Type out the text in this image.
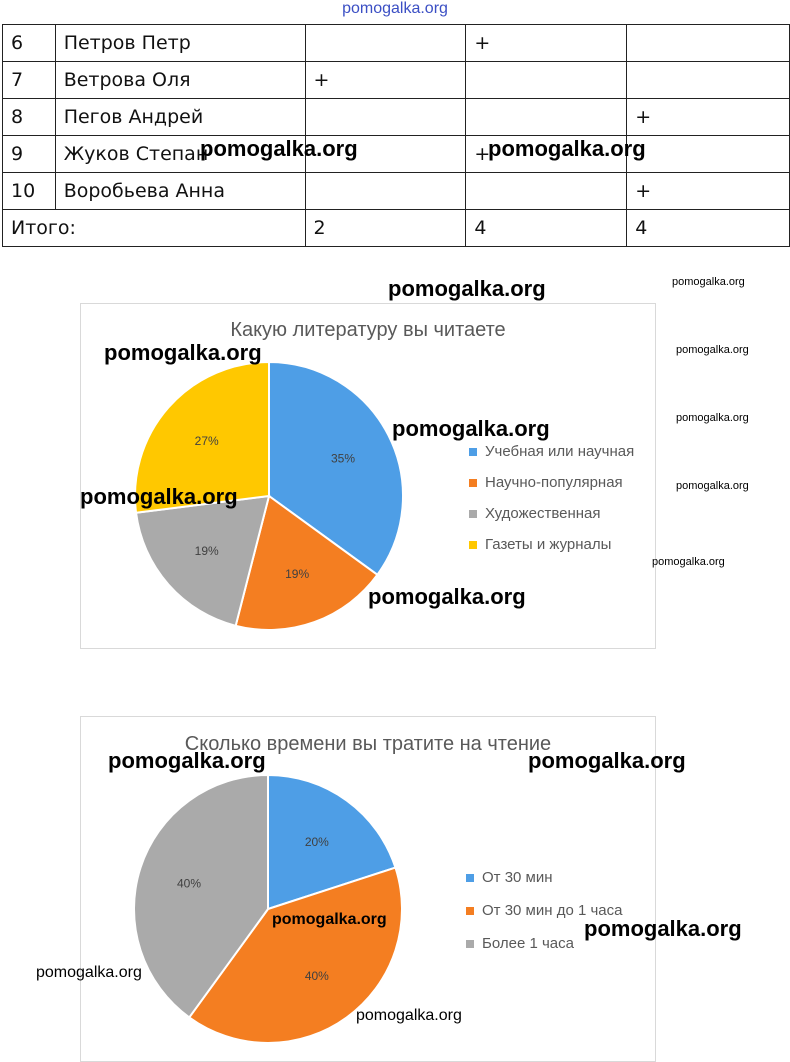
pomogalka.org
6	Петров Петр		+	
7	Ветрова Оля	+		
8	Пегов Андрей			+
9	Жуков Степан		+	
10	Воробьева Анна			+
Итого:		2	4	4
Какую литературу вы читаете
35%
19%
19%
27%
Учебная или научная
Научно-популярная
Художественная
Газеты и журналы
Сколько времени вы тратите на чтение
20%
40%
40%	От 30 мин
От 30 мин до 1 часа
Более 1 часа
pomogalka.org	pomogalka.org
pomogalka.org	pomogalka.org
pomogalka.org	pomogalka.org
pomogalka.org	pomogalka.org
pomogalka.org	pomogalka.org
pomogalka.org
pomogalka.org
pomogalka.org	pomogalka.org
pomogalka.org	pomogalka.org
pomogalka.org
pomogalka.org
